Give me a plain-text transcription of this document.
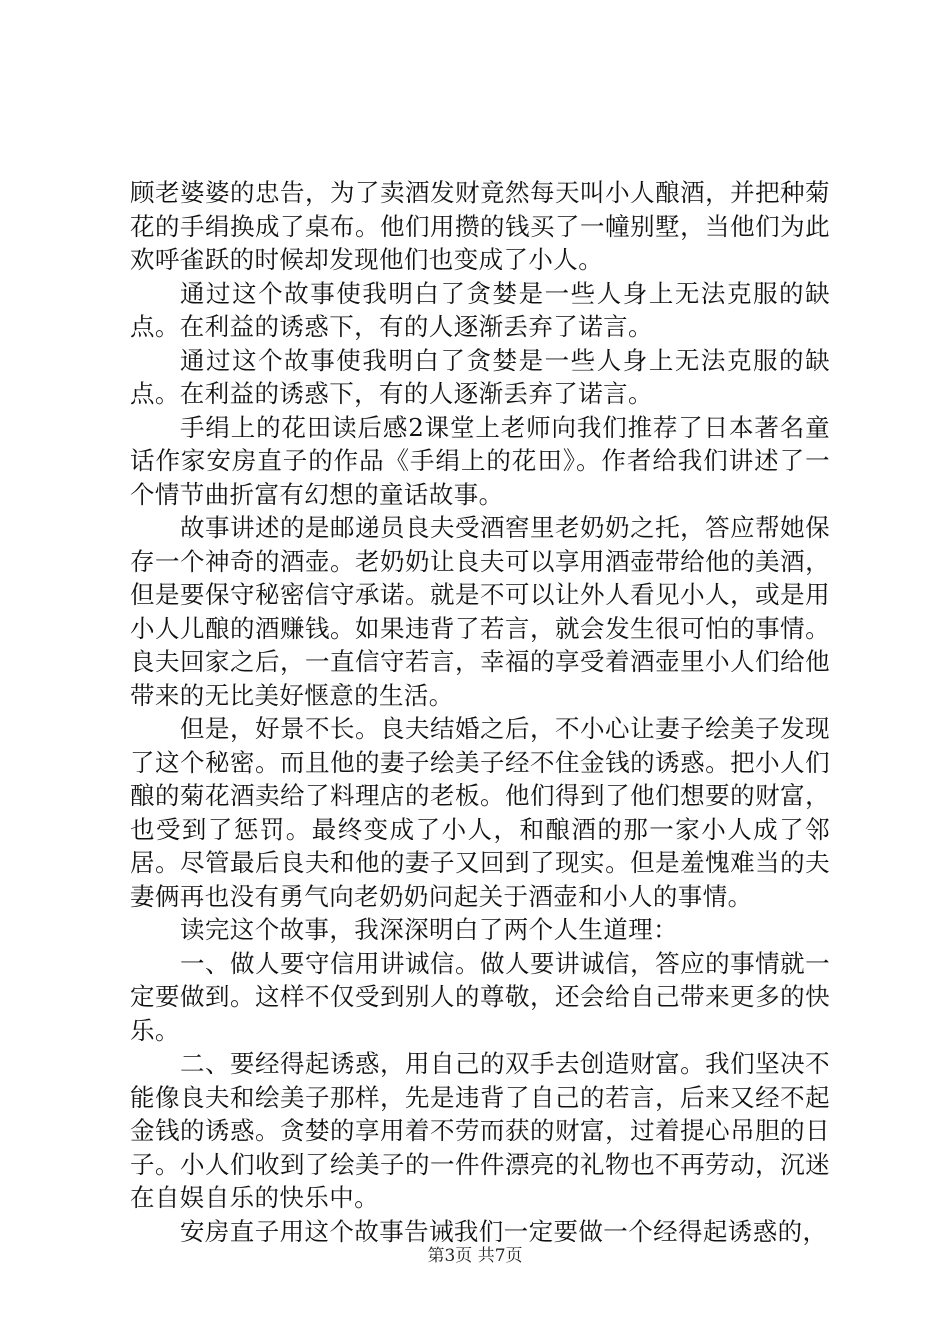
顾老婆婆的忠告，为了卖酒发财竟然每天叫小人酿酒，并把种菊花的手绢换成了桌布。他们用攒的钱买了一幢别墅，当他们为此欢呼雀跃的时候却发现他们也变成了小人。

通过这个故事使我明白了贪婪是一些人身上无法克服的缺点。在利益的诱惑下，有的人逐渐丢弃了诺言。

通过这个故事使我明白了贪婪是一些人身上无法克服的缺点。在利益的诱惑下，有的人逐渐丢弃了诺言。

手绢上的花田读后感2课堂上老师向我们推荐了日本著名童话作家安房直子的作品《手绢上的花田》。作者给我们讲述了一个情节曲折富有幻想的童话故事。

故事讲述的是邮递员良夫受酒窖里老奶奶之托，答应帮她保存一个神奇的酒壶。老奶奶让良夫可以享用酒壶带给他的美酒，但是要保守秘密信守承诺。就是不可以让外人看见小人，或是用小人儿酿的酒赚钱。如果违背了若言，就会发生很可怕的事情。良夫回家之后，一直信守若言，幸福的享受着酒壶里小人们给他带来的无比美好惬意的生活。

但是，好景不长。良夫结婚之后，不小心让妻子绘美子发现了这个秘密。而且他的妻子绘美子经不住金钱的诱惑。把小人们酿的菊花酒卖给了料理店的老板。他们得到了他们想要的财富，也受到了惩罚。最终变成了小人，和酿酒的那一家小人成了邻居。尽管最后良夫和他的妻子又回到了现实。但是羞愧难当的夫妻俩再也没有勇气向老奶奶问起关于酒壶和小人的事情。

读完这个故事，我深深明白了两个人生道理：

一、做人要守信用讲诚信。做人要讲诚信，答应的事情就一定要做到。这样不仅受到别人的尊敬，还会给自己带来更多的快乐。

二、要经得起诱惑，用自己的双手去创造财富。我们坚决不能像良夫和绘美子那样，先是违背了自己的若言，后来又经不起金钱的诱惑。贪婪的享用着不劳而获的财富，过着提心吊胆的日子。小人们收到了绘美子的一件件漂亮的礼物也不再劳动，沉迷在自娱自乐的快乐中。

安房直子用这个故事告诫我们一定要做一个经得起诱惑的，

第3页 共7页
